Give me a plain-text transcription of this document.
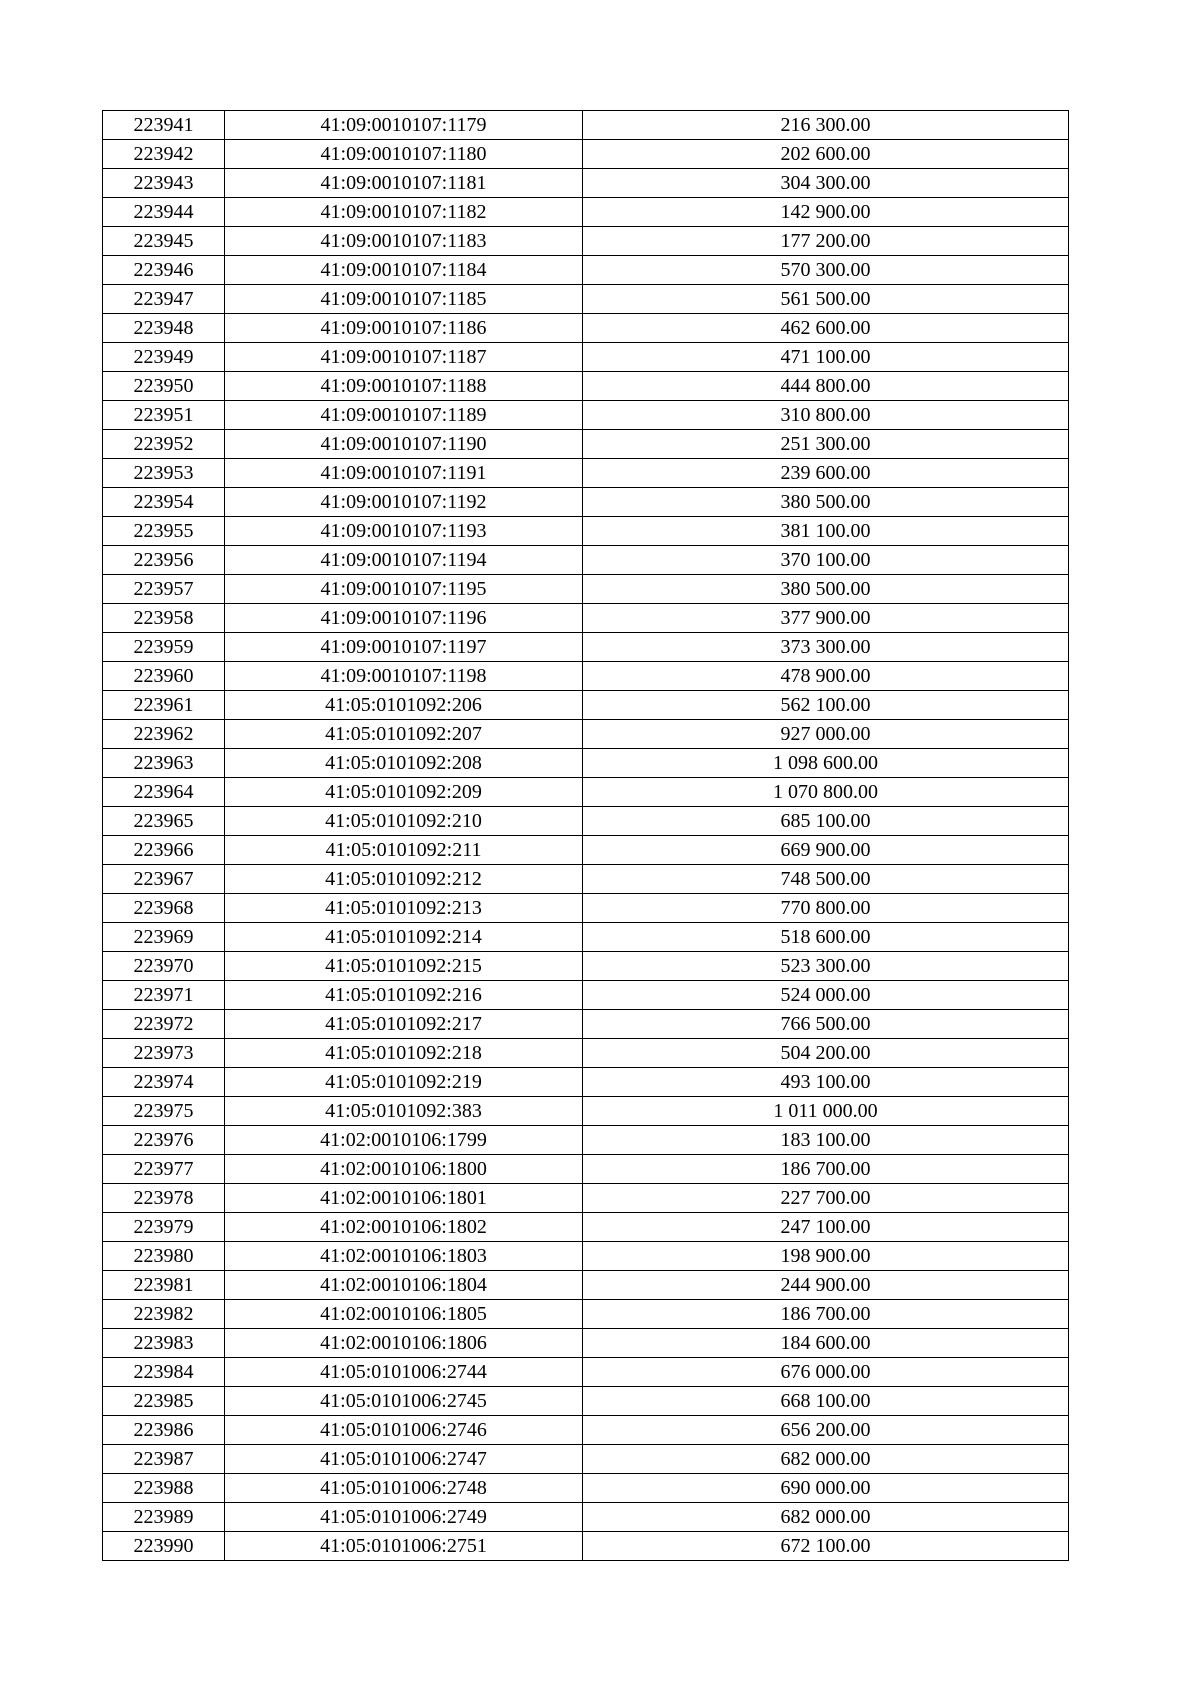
223941	41:09:0010107:1179	216 300.00
223942	41:09:0010107:1180	202 600.00
223943	41:09:0010107:1181	304 300.00
223944	41:09:0010107:1182	142 900.00
223945	41:09:0010107:1183	177 200.00
223946	41:09:0010107:1184	570 300.00
223947	41:09:0010107:1185	561 500.00
223948	41:09:0010107:1186	462 600.00
223949	41:09:0010107:1187	471 100.00
223950	41:09:0010107:1188	444 800.00
223951	41:09:0010107:1189	310 800.00
223952	41:09:0010107:1190	251 300.00
223953	41:09:0010107:1191	239 600.00
223954	41:09:0010107:1192	380 500.00
223955	41:09:0010107:1193	381 100.00
223956	41:09:0010107:1194	370 100.00
223957	41:09:0010107:1195	380 500.00
223958	41:09:0010107:1196	377 900.00
223959	41:09:0010107:1197	373 300.00
223960	41:09:0010107:1198	478 900.00
223961	41:05:0101092:206	562 100.00
223962	41:05:0101092:207	927 000.00
223963	41:05:0101092:208	1 098 600.00
223964	41:05:0101092:209	1 070 800.00
223965	41:05:0101092:210	685 100.00
223966	41:05:0101092:211	669 900.00
223967	41:05:0101092:212	748 500.00
223968	41:05:0101092:213	770 800.00
223969	41:05:0101092:214	518 600.00
223970	41:05:0101092:215	523 300.00
223971	41:05:0101092:216	524 000.00
223972	41:05:0101092:217	766 500.00
223973	41:05:0101092:218	504 200.00
223974	41:05:0101092:219	493 100.00
223975	41:05:0101092:383	1 011 000.00
223976	41:02:0010106:1799	183 100.00
223977	41:02:0010106:1800	186 700.00
223978	41:02:0010106:1801	227 700.00
223979	41:02:0010106:1802	247 100.00
223980	41:02:0010106:1803	198 900.00
223981	41:02:0010106:1804	244 900.00
223982	41:02:0010106:1805	186 700.00
223983	41:02:0010106:1806	184 600.00
223984	41:05:0101006:2744	676 000.00
223985	41:05:0101006:2745	668 100.00
223986	41:05:0101006:2746	656 200.00
223987	41:05:0101006:2747	682 000.00
223988	41:05:0101006:2748	690 000.00
223989	41:05:0101006:2749	682 000.00
223990	41:05:0101006:2751	672 100.00
